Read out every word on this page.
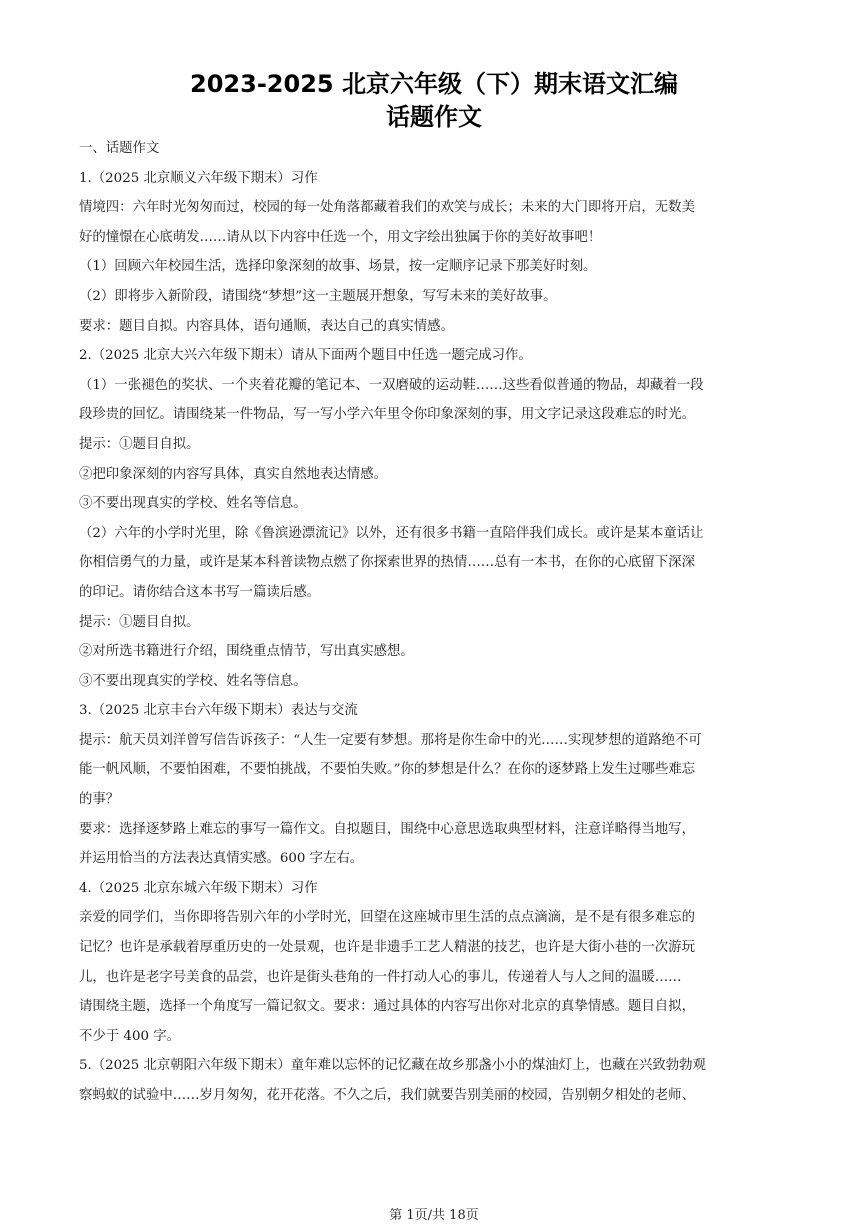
2023-2025 北京六年级（下）期末语文汇编
话题作文

一、话题作文

1.（2025 北京顺义六年级下期末）习作

情境四：六年时光匆匆而过，校园的每一处角落都藏着我们的欢笑与成长；未来的大门即将开启，无数美

好的憧憬在心底萌发……请从以下内容中任选一个，用文字绘出独属于你的美好故事吧！

（1）回顾六年校园生活，选择印象深刻的故事、场景，按一定顺序记录下那美好时刻。

（2）即将步入新阶段，请围绕“梦想”这一主题展开想象，写写未来的美好故事。

要求：题目自拟。内容具体，语句通顺，表达自己的真实情感。

2.（2025 北京大兴六年级下期末）请从下面两个题目中任选一题完成习作。

（1）一张褪色的奖状、一个夹着花瓣的笔记本、一双磨破的运动鞋……这些看似普通的物品，却藏着一段

段珍贵的回忆。请围绕某一件物品，写一写小学六年里令你印象深刻的事，用文字记录这段难忘的时光。

提示：①题目自拟。

②把印象深刻的内容写具体，真实自然地表达情感。

③不要出现真实的学校、姓名等信息。

（2）六年的小学时光里，除《鲁滨逊漂流记》以外，还有很多书籍一直陪伴我们成长。或许是某本童话让

你相信勇气的力量，或许是某本科普读物点燃了你探索世界的热情……总有一本书，在你的心底留下深深

的印记。请你结合这本书写一篇读后感。

提示：①题目自拟。

②对所选书籍进行介绍，围绕重点情节，写出真实感想。

③不要出现真实的学校、姓名等信息。

3.（2025 北京丰台六年级下期末）表达与交流

提示：航天员刘洋曾写信告诉孩子：“人生一定要有梦想。那将是你生命中的光……实现梦想的道路绝不可

能一帆风顺，不要怕困难，不要怕挑战，不要怕失败。”你的梦想是什么？在你的逐梦路上发生过哪些难忘

的事？

要求：选择逐梦路上难忘的事写一篇作文。自拟题目，围绕中心意思选取典型材料，注意详略得当地写，

并运用恰当的方法表达真情实感。600 字左右。

4.（2025 北京东城六年级下期末）习作

亲爱的同学们，当你即将告别六年的小学时光，回望在这座城市里生活的点点滴滴，是不是有很多难忘的

记忆？也许是承载着厚重历史的一处景观，也许是非遗手工艺人精湛的技艺，也许是大街小巷的一次游玩

儿，也许是老字号美食的品尝，也许是街头巷角的一件打动人心的事儿，传递着人与人之间的温暖……

请围绕主题，选择一个角度写一篇记叙文。要求：通过具体的内容写出你对北京的真挚情感。题目自拟，

不少于 400 字。

5.（2025 北京朝阳六年级下期末）童年难以忘怀的记忆藏在故乡那盏小小的煤油灯上，也藏在兴致勃勃观

察蚂蚁的试验中……岁月匆匆，花开花落。不久之后，我们就要告别美丽的校园，告别朝夕相处的老师、

第 1页/共 18页
